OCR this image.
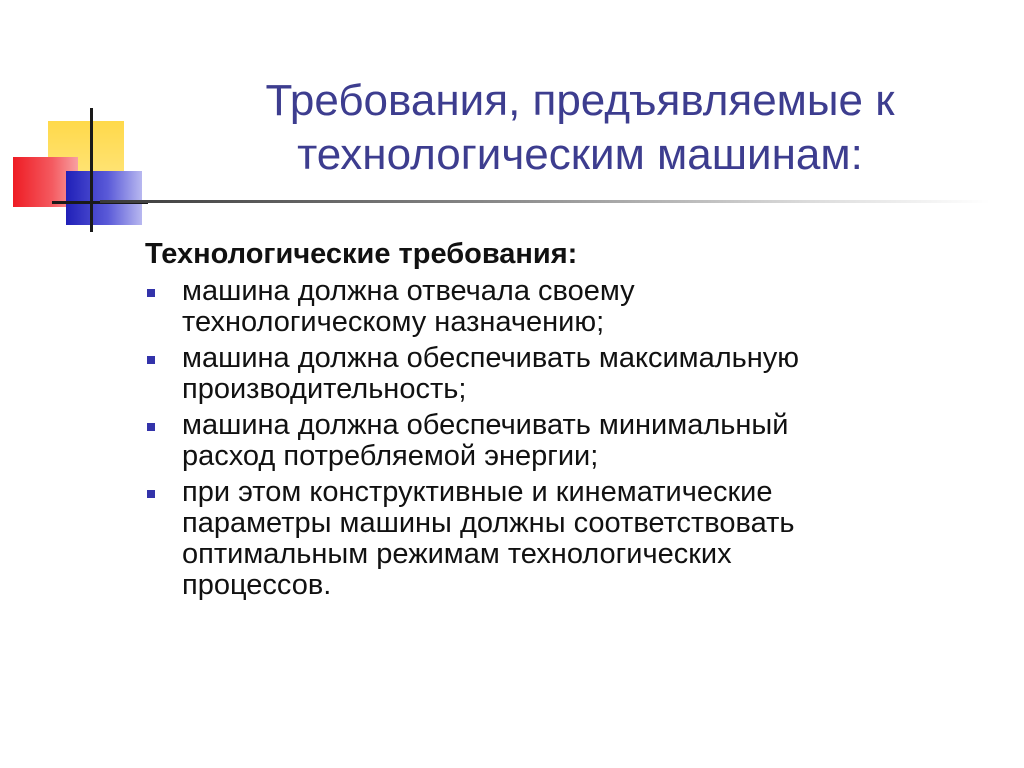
Требования, предъявляемые к
технологическим машинам:
Технологические требования:
машина должна отвечала своему
технологическому назначению;
машина должна обеспечивать максимальную
производительность;
машина должна обеспечивать минимальный
расход потребляемой энергии;
при этом конструктивные и кинематические
параметры машины должны соответствовать
оптимальным режимам технологических
процессов.
